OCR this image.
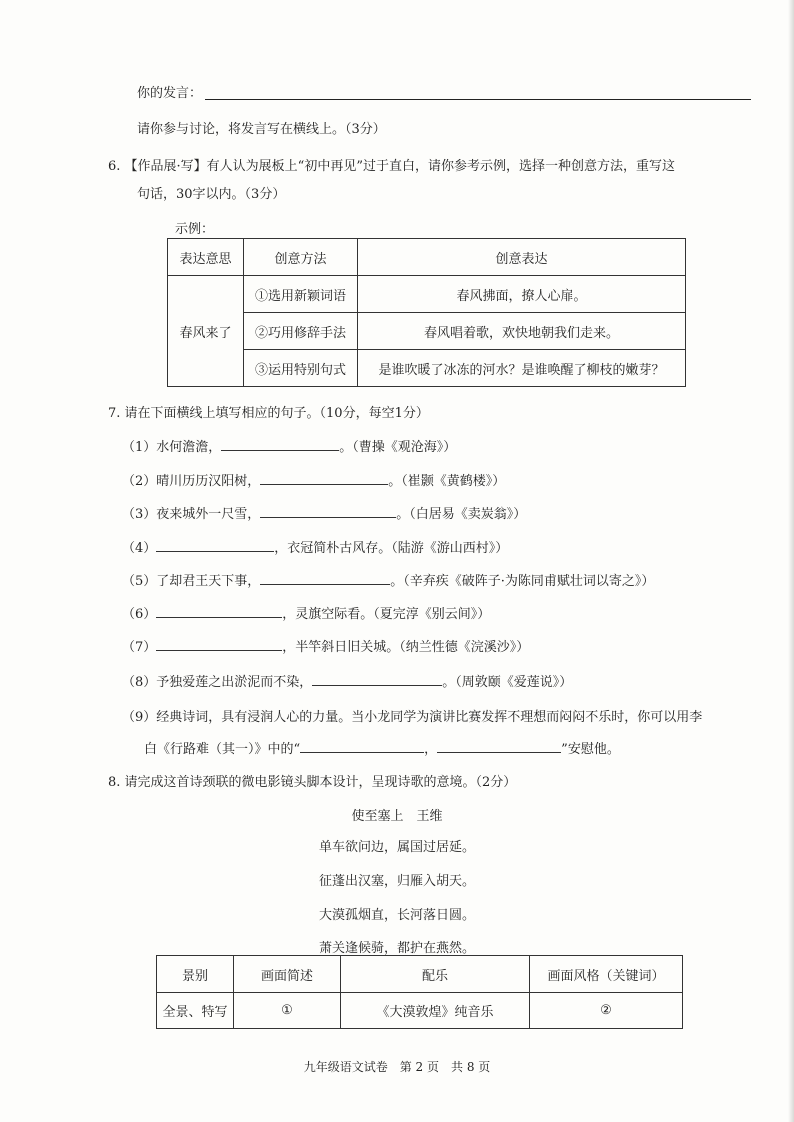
你的发言：
请你参与讨论，将发言写在横线上。（3分）
6. 【作品展·写】有人认为展板上“初中再见”过于直白，请你参考示例，选择一种创意方法，重写这
句话，30字以内。（3分）
示例：
表达意思	创意方法	创意表达
春风来了	①选用新颖词语	春风拂面，撩人心扉。
	②巧用修辞手法	春风唱着歌，欢快地朝我们走来。
	③运用特别句式	是谁吹暖了冰冻的河水？是谁唤醒了柳枝的嫩芽？
7. 请在下面横线上填写相应的句子。（10分，每空1分）
（1）水何澹澹，	。（曹操《观沧海》）
（2）晴川历历汉阳树，	。（崔颢《黄鹤楼》）
（3）夜来城外一尺雪，	。（白居易《卖炭翁》）
（4）	，衣冠简朴古风存。（陆游《游山西村》）
（5）了却君王天下事，	。（辛弃疾《破阵子·为陈同甫赋壮词以寄之》）
（6）	，灵旗空际看。（夏完淳《别云间》）
（7）	，半竿斜日旧关城。（纳兰性德《浣溪沙》）
（8）予独爱莲之出淤泥而不染，	。（周敦颐《爱莲说》）
（9）经典诗词，具有浸润人心的力量。当小龙同学为演讲比赛发挥不理想而闷闷不乐时，你可以用李
白《行路难（其一）》中的“	，	”安慰他。
8. 请完成这首诗颈联的微电影镜头脚本设计，呈现诗歌的意境。（2分）
使至塞上　王维
单车欲问边，属国过居延。
征蓬出汉塞，归雁入胡天。
大漠孤烟直，长河落日圆。
萧关逢候骑，都护在燕然。
景别	画面简述	配乐	画面风格（关键词）
全景、特写	①	《大漠敦煌》纯音乐	②
九年级语文试卷　第 2 页　共 8 页
